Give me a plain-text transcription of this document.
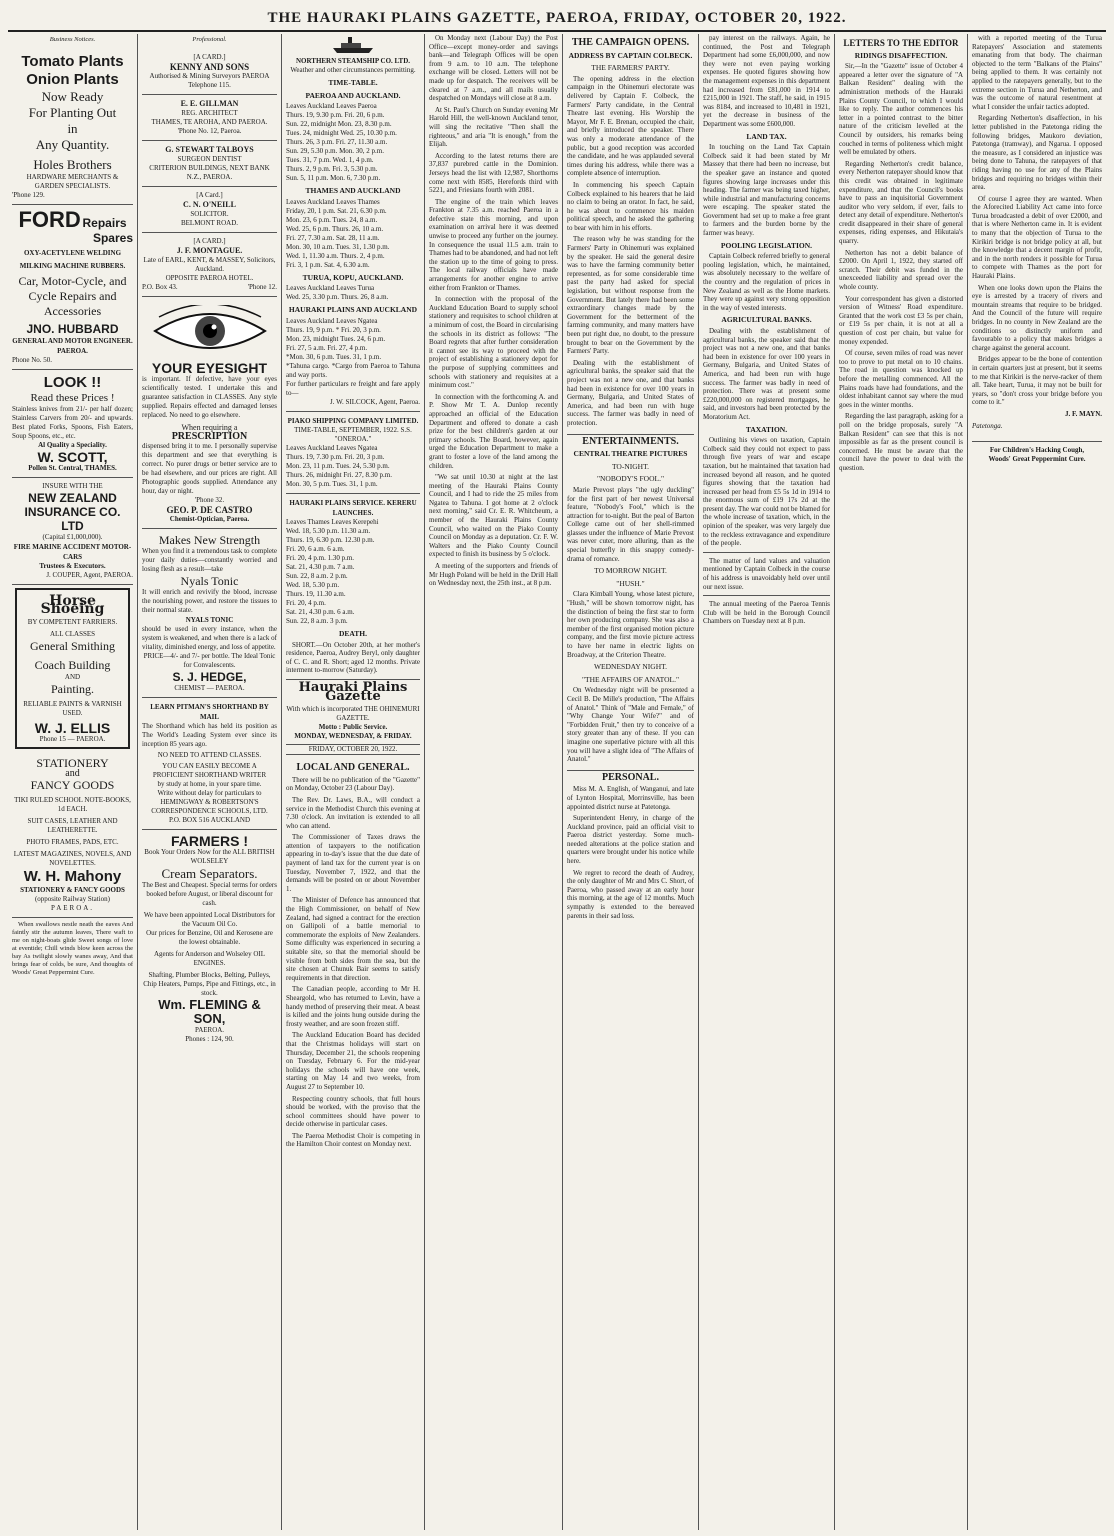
THE HAURAKI PLAINS GAZETTE, PAEROA, FRIDAY, OCTOBER 20, 1922.
Business Notices.
Tomato Plants
Onion Plants
Now Ready
For Planting Out
in
Any Quantity.
Holes Brothers
HARDWARE MERCHANTS & GARDEN SPECIALISTS.
'Phone 129.
FORD Repairs
Spares
OXY-ACETYLENE WELDING
MILKING MACHINE RUBBERS.
Car, Motor-Cycle, and Cycle Repairs and Accessories
JNO. HUBBARD
GENERAL AND MOTOR ENGINEER. PAEROA.
Phone No. 50.
LOOK !!
Read these Prices !
Stainless knives from 21/- per half dozen; Stainless Carvers from 20/- and upwards. Best plated Forks, Spoons, Fish Eaters, Soup Spoons, etc., etc.
Al Quality a Speciality.
W. SCOTT,
Pollen St. Central, THAMES.
INSURE WITH THE
NEW ZEALAND INSURANCE CO. LTD
(Capital £1,000,000).
FIRE MARINE ACCIDENT MOTOR-CARS
Trustees & Executors.
J. COUPER, Agent, PAEROA.
Horse Shoeing
BY COMPETENT FARRIERS.
ALL CLASSES
General Smithing
Coach Building
AND
Painting.
RELIABLE PAINTS & VARNISH USED.
W. J. ELLIS
Phone 15 — PAEROA.
STATIONERY
and
FANCY GOODS
TIKI RULED SCHOOL NOTE-BOOKS, 1d EACH.
SUIT CASES, LEATHER AND LEATHERETTE.
PHOTO FRAMES, PADS, ETC.
LATEST MAGAZINES, NOVELS, AND NOVELETTES.
W. H. Mahony
STATIONERY & FANCY GOODS
(opposite Railway Station)
PAEROA.

When swallows nestle neath the eaves And faintly stir the autumn leaves, There waft to me on night-boats glide Sweet songs of love at eventide; Chill winds blow keen across the bay As twilight slowly wanes away, And that brings fear of colds, be sure, And thoughts of Woods' Great Peppermint Cure.

Professional.
[A CARD.]
KENNY AND SONS
Authorised & Mining Surveyors PAEROA
Telephone 115.
E. E. GILLMAN
REG. ARCHITECT
THAMES, TE AROHA, AND PAEROA.
'Phone No. 12, Paeroa.
G. STEWART TALBOYS
SURGEON DENTIST
CRITERION BUILDINGS, NEXT BANK N.Z., PAEROA.
[A Card.]
C. N. O'NEILL
SOLICITOR.
BELMONT ROAD.
[A CARD.]
J. F. MONTAGUE.
Late of EARL, KENT, & MASSEY, Solicitors, Auckland.
OPPOSITE PAEROA HOTEL.
P.O. Box 43.	'Phone 12.
YOUR EYESIGHT
is important. If defective, have your eyes scientifically tested. I undertake this and guarantee satisfaction in CLASSES. Any style supplied. Repairs effected and damaged lenses replaced. No need to go elsewhere.
When requiring a
PRESCRIPTION
dispensed bring it to me. I personally supervise this department and see that everything is correct. No purer drugs or better service are to be had elsewhere, and our prices are right. All Photographic goods supplied. Attendance any hour, day or night.
'Phone 32.
GEO. P. DE CASTRO
Chemist-Optician, Paeroa.
Makes New Strength
When you find it a tremendous task to complete your daily duties—constantly worried and losing flesh as a result—take
Nyals Tonic
It will enrich and revivify the blood, increase the nourishing power, and restore the tissues to their normal state.
NYALS TONIC
should be used in every instance, when the system is weakened, and when there is a lack of vitality, diminished energy, and loss of appetite.
PRICE—4/- and 7/- per bottle. The Ideal Tonic for Convalescents.
S. J. HEDGE,
CHEMIST — PAEROA.
LEARN PITMAN'S SHORTHAND BY MAIL
The Shorthand which has held its position as The World's Leading System ever since its inception 85 years ago.
NO NEED TO ATTEND CLASSES.
YOU CAN EASILY BECOME A PROFICIENT SHORTHAND WRITER
by study at home, in your spare time.
Write without delay for particulars to
HEMINGWAY & ROBERTSON'S CORRESPONDENCE SCHOOLS, LTD.
P.O. BOX 516 AUCKLAND
FARMERS !
Book Your Orders Now for the ALL BRITISH WOLSELEY
Cream Separators.
The Best and Cheapest. Special terms for orders booked before August, or liberal discount for cash.
We have been appointed Local Distributors for the Vacuum Oil Co.
Our prices for Benzine, Oil and Kerosene are the lowest obtainable.
Agents for Anderson and Wolseley OIL ENGINES.
Shafting, Plumber Blocks, Belting, Pulleys, Chip Heaters, Pumps, Pipe and Fittings, etc., in stock.
Wm. FLEMING & SON,
PAEROA.
Phones : 124, 90.
NORTHERN STEAMSHIP CO. LTD.
Weather and other circumstances permitting.
TIME-TABLE.
PAEROA AND AUCKLAND.
Leaves Auckland Leaves Paeroa
Thurs. 19, 9.30 p.m. Fri. 20, 6 p.m.
Sun. 22, midnight Mon. 23, 8.30 p.m.
Tues. 24, midnight Wed. 25, 10.30 p.m.
Thurs. 26, 3 p.m. Fri. 27, 11.30 a.m.
Sun. 29, 5.30 p.m. Mon. 30, 2 p.m.
Tues. 31, 7 p.m. Wed. 1, 4 p.m.
Thurs. 2, 9 p.m. Fri. 3, 5.30 p.m.
Sun. 5, 11 p.m. Mon. 6, 7.30 p.m.
THAMES AND AUCKLAND
Leaves Auckland Leaves Thames
Friday, 20, 1 p.m. Sat. 21, 6.30 p.m.
Mon. 23, 6 p.m. Tues. 24, 8 a.m.
Wed. 25, 6 p.m. Thurs. 26, 10 a.m.
Fri. 27, 7.30 a.m. Sat. 28, 11 a.m.
Mon. 30, 10 a.m. Tues. 31, 1.30 p.m.
Wed. 1, 11.30 a.m. Thurs. 2, 4 p.m.
Fri. 3, 1 p.m. Sat. 4, 6.30 a.m.
TURUA, KOPU, AUCKLAND.
Leaves Auckland Leaves Turua
Wed. 25, 3.30 p.m. Thurs. 26, 8 a.m.
HAURAKI PLAINS AND AUCKLAND
Leaves Auckland Leaves Ngatea
Thurs. 19, 9 p.m. * Fri. 20, 3 p.m.
Mon. 23, midnight Tues. 24, 6 p.m.
Fri. 27, 5 a.m. Fri. 27, 4 p.m.
*Mon. 30, 6 p.m. Tues. 31, 1 p.m.
*Tahuna cargo. *Cargo from Paeroa to Tahuna and way ports.
For further particulars re freight and fare apply to—
J. W. SILCOCK, Agent, Paeroa.
PIAKO SHIPPING COMPANY LIMITED.
TIME-TABLE, SEPTEMBER, 1922. S.S. "ONEROA."
Leaves Auckland Leaves Ngatea
Thurs. 19, 7.30 p.m. Fri. 20, 3 p.m.
Mon. 23, 11 p.m. Tues. 24, 5.30 p.m.
Thurs. 26, midnight Fri. 27, 8.30 p.m.
Mon. 30, 5 p.m. Tues. 31, 1 p.m.
HAURAKI PLAINS SERVICE. KERERU LAUNCHES.
Leaves Thames Leaves Kerepehi
Wed. 18, 5.30 p.m. 11.30 a.m.
Thurs. 19, 6.30 p.m. 12.30 p.m.
Fri. 20, 6 a.m. 6 a.m.
Fri. 20, 4 p.m. 1.30 p.m.
Sat. 21, 4.30 p.m. 7 a.m.
Sun. 22, 8 a.m. 2 p.m.
Wed. 18, 5.30 p.m.
Thurs. 19, 11.30 a.m.
Fri. 20, 4 p.m.
Sat. 21, 4.30 p.m. 6 a.m.
Sun. 22, 8 a.m. 3 p.m.
DEATH.

SHORT.—On October 20th, at her mother's residence, Paeroa, Audrey Beryl, only daughter of C. C. and R. Short; aged 12 months. Private interment to-morrow (Saturday).

Hauraki Plains Gazette
With which is incorporated THE OHINEMURI GAZETTE.
Motto : Public Service.
MONDAY, WEDNESDAY, & FRIDAY.
FRIDAY, OCTOBER 20, 1922.
LOCAL AND GENERAL.

There will be no publication of the "Gazette" on Monday, October 23 (Labour Day).

The Rev. Dr. Laws, B.A., will conduct a service in the Methodist Church this evening at 7.30 o'clock. An invitation is extended to all who can attend.

The Commissioner of Taxes draws the attention of taxpayers to the notification appearing in to-day's issue that the due date of payment of land tax for the current year is on Tuesday, November 7, 1922, and that the demands will be posted on or about November 1.

The Minister of Defence has announced that the High Commissioner, on behalf of New Zealand, had signed a contract for the erection on Gallipoli of a battle memorial to commemorate the exploits of New Zealanders. Some difficulty was experienced in securing a suitable site, so that the memorial should be visible from both sides from the sea, but the site chosen at Chunuk Bair seems to satisfy requirements in that direction.

The Canadian people, according to Mr H. Sheargold, who has returned to Levin, have a handy method of preserving their meat. A beast is killed and the joints hung outside during the frosty weather, and are soon frozen stiff.

The Auckland Education Board has decided that the Christmas holidays will start on Thursday, December 21, the schools reopening on Tuesday, February 6. For the mid-year holidays the schools will have one week, starting on May 14 and two weeks, from August 27 to September 10.

Respecting country schools, that full hours should be worked, with the proviso that the school committees should have power to decide otherwise in particular cases.

The Paeroa Methodist Choir is competing in the Hamilton Choir contest on Monday next.

On Monday next (Labour Day) the Post Office—except money-order and savings bank—and Telegraph Offices will be open from 9 a.m. to 10 a.m. The telephone exchange will be closed. Letters will not be made up for despatch. The receivers will be cleared at 7 a.m., and all mails usually despatched on Mondays will close at 8 a.m.

At St. Paul's Church on Sunday evening Mr Harold Hill, the well-known Auckland tenor, will sing the recitative "Then shall the righteous," and aria "It is enough," from the Elijah.

According to the latest returns there are 37,837 purebred cattle in the Dominion. Jerseys head the list with 12,987, Shorthorns come next with 8585, Herefords third with 5221, and Friesians fourth with 2081.

The engine of the train which leaves Frankton at 7.35 a.m. reached Paeroa in a defective state this morning, and upon examination on arrival here it was deemed unwise to proceed any further on the journey. In consequence the usual 11.5 a.m. train to Thames had to be abandoned, and had not left the station up to the time of going to press. The local railway officials have made arrangements for another engine to arrive either from Frankton or Thames.

In connection with the proposal of the Auckland Education Board to supply school stationery and requisites to school children at a minimum of cost, the Board in circularising the schools in its district as follows: "The Board regrets that after further consideration it cannot see its way to proceed with the project of establishing a stationery depot for the purpose of supplying committees and schools with stationery and requisites at a minimum cost."

In connection with the forthcoming A. and P. Show Mr T. A. Dunlop recently approached an official of the Education Department and offered to donate a cash prize for the best children's garden at our primary schools. The Board, however, again urged the Education Department to make a grant to foster a love of the land among the children.

"We sat until 10.30 at night at the last meeting of the Hauraki Plains County Council, and I had to ride the 25 miles from Ngatea to Tahuna. I got home at 2 o'clock next morning," said Cr. E. R. Whitcheum, a member of the Hauraki Plains County Council, who waited on the Piako County Council on Monday as a deputation. Cr. F. W. Walters and the Piako County Council expected to finish its business by 5 o'clock.

A meeting of the supporters and friends of Mr Hugh Poland will be held in the Drill Hall on Wednesday next, the 25th inst., at 8 p.m.

THE CAMPAIGN OPENS.
ADDRESS BY CAPTAIN COLBECK.
THE FARMERS' PARTY.

The opening address in the election campaign in the Ohinemuri electorate was delivered by Captain F. Colbeck, the Farmers' Party candidate, in the Central Theatre last evening. His Worship the Mayor, Mr F. E. Brenan, occupied the chair, and briefly introduced the speaker. There was only a moderate attendance of the public, but a good reception was accorded the candidate, and he was applauded several times during his address, while there was a complete absence of interruption.

In commencing his speech Captain Colbeck explained to his hearers that he laid no claim to being an orator. In fact, he said, he was about to commence his maiden political speech, and he asked the gathering to bear with him in his efforts.

The reason why he was standing for the Farmers' Party in Ohinemuri was explained by the speaker. He said the general desire was to have the farming community better represented, as for some considerable time past the party had asked for special legislation, but without response from the Government. But lately there had been some extraordinary changes made by the Government for the betterment of the farming community, and many matters have been put right due, no doubt, to the pressure brought to bear on the Government by the Farmers' Party.

Dealing with the establishment of agricultural banks, the speaker said that the project was not a new one, and that banks had been in existence for over 100 years in Germany, Bulgaria, and United States of America, and had been run with huge success. The farmer was badly in need of protection.

ENTERTAINMENTS.
CENTRAL THEATRE PICTURES
TO-NIGHT.
"NOBODY'S FOOL."

Marie Prevost plays "the ugly duckling" for the first part of her newest Universal feature, "Nobody's Fool," which is the attraction for to-night. But the peal of Barton College came out of her shell-rimmed glasses under the influence of Marie Prevost was never cuter, more alluring, than as the special butterfly in this snappy comedy-drama of romance.

TO MORROW NIGHT.
"HUSH."

Clara Kimball Young, whose latest picture, "Hush," will be shown tomorrow night, has the distinction of being the first star to form her own producing company. She was also a member of the first organised motion picture company, and the first movie picture actress to have her name in electric lights on Broadway, at the Criterion Theatre.

WEDNESDAY NIGHT.
"THE AFFAIRS OF ANATOL."

On Wednesday night will be presented a Cecil B. De Mille's production, "The Affairs of Anatol." Think of "Male and Female," of "Why Change Your Wife?" and of "Forbidden Fruit," then try to conceive of a story greater than any of these. If you can imagine one superlative picture with all this you will have a slight idea of "The Affairs of Anatol."

PERSONAL.

Miss M. A. English, of Wanganui, and late of Lynton Hospital, Morrinsville, has been appointed district nurse at Patetonga.

Superintendent Henry, in charge of the Auckland province, paid an official visit to Paeroa district yesterday. Some much-needed alterations at the police station and quarters were brought under his notice while here.

We regret to record the death of Audrey, the only daughter of Mr and Mrs C. Short, of Paeroa, who passed away at an early hour this morning, at the age of 12 months. Much sympathy is extended to the bereaved parents in their sad loss.

pay interest on the railways. Again, he continued, the Post and Telegraph Department had some £6,000,000, and now they were not even paying working expenses. He quoted figures showing how the management expenses in this department had increased from £81,000 in 1914 to £215,000 in 1921. The staff, he said, in 1915 was 8184, and increased to 10,481 in 1921, yet the decrease in business of the Department was some £600,000.

LAND TAX.

In touching on the Land Tax Captain Colbeck said it had been stated by Mr Massey that there had been no increase, but the speaker gave an instance and quoted figures showing large increases under this heading. The farmer was being taxed higher, while industrial and manufacturing concerns were escaping. The speaker stated the Government had set up to make a free grant to farmers and the burden borne by the farmer was heavy.

POOLING LEGISLATION.

Captain Colbeck referred briefly to general pooling legislation, which, he maintained, was absolutely necessary to the welfare of the country and the regulation of prices in New Zealand as well as the Home markets. They were up against very strong opposition in the way of vested interests.

AGRICULTURAL BANKS.

Dealing with the establishment of agricultural banks, the speaker said that the project was not a new one, and that banks had been in existence for over 100 years in Germany, Bulgaria, and United States of America, and had been run with huge success. The farmer was badly in need of protection. There was at present some £220,000,000 on registered mortgages, he said, and investors had been protected by the Moratorium Act.

TAXATION.

Outlining his views on taxation, Captain Colbeck said they could not expect to pass through five years of war and escape taxation, but he maintained that taxation had increased beyond all reason, and he quoted figures showing that the taxation had increased per head from £5 5s 1d in 1914 to the enormous sum of £19 17s 2d at the present day. The war could not be blamed for the whole increase of taxation, which, in the opinion of the speaker, was very largely due to the reckless extravagance and expenditure of the people.

The matter of land values and valuation mentioned by Captain Colbeck in the course of his address is unavoidably held over until our next issue.

The annual meeting of the Paeroa Tennis Club will be held in the Borough Council Chambers on Tuesday next at 8 p.m.

LETTERS TO THE EDITOR
RIDINGS DISAFFECTION.

Sir,—In the "Gazette" issue of October 4 appeared a letter over the signature of "A Balkan Resident" dealing with the administration methods of the Hauraki Plains County Council, to which I would like to reply. The author commences his letter in a pointed contrast to the bitter nature of the criticism levelled at the Council by outsiders, his remarks being couched in terms of politeness which might well be emulated by others.

Regarding Netherton's credit balance, every Netherton ratepayer should know that this credit was obtained in legitimate expenditure, and that the Council's books have to pass an inquisitorial Government auditor who very seldom, if ever, fails to detect any detail of expenditure. Netherton's credit disappeared in their share of general expenses, riding expenses, and Hikutaia's quarry.

Netherton has not a debit balance of £2000. On April 1, 1922, they started off scratch. Their debit was funded in the unexceeded liability and spread over the whole county.

Your correspondent has given a distorted version of Witness' Road expenditure. Granted that the work cost £3 5s per chain, or £19 5s per chain, it is not at all a question of cost per chain, but value for money expended.

Of course, seven miles of road was never too to prove to put metal on to 10 chains. The road in question was knocked up before the metalling commenced. All the Plains roads have had foundations, and the oldest inhabitant cannot say where the mud goes in the winter months.

Regarding the last paragraph, asking for a poll on the bridge proposals, surely "A Balkan Resident" can see that this is not impossible as far as the present council is concerned. He must be aware that the council have the power to deal with the question.

with a reported meeting of the Turua Ratepayers' Association and statements emanating from that body. The chairman objected to the term "Balkans of the Plains" being applied to them. It was certainly not applied to the ratepayers generally, but to the extreme section in Turua and Netherton, and was the outcome of natural resentment at what I consider the unfair tactics adopted.

Regarding Netherton's disaffection, in his letter published in the Patetonga riding the following bridges, Maukoro deviation, Patetonga (tramway), and Ngarua. I opposed the measure, as I considered an injustice was being done to Tahuna, the ratepayers of that riding having no use for any of the Plains bridges and requiring no bridges within their area.

Of course I agree they are wanted. When the Aforecited Liability Act came into force Turua broadcasted a debit of over £2000, and that is where Netherton came in. It is evident to many that the objection of Turua to the Kirikiri bridge is not bridge policy at all, but the knowledge that a decent margin of profit, and in the north renders it possible for Turua to compete with Thames as the port for Hauraki Plains.

When one looks down upon the Plains the eye is arrested by a tracery of rivers and mountain streams that require to be bridged. And the Council of the future will require bridges. In no county in New Zealand are the conditions so distinctly uniform and favourable to a policy that makes bridges a charge against the general account.

Bridges appear to be the bone of contention in certain quarters just at present, but it seems to me that Kirikiri is the nerve-racker of them all. Take heart, Turua, it may not be built for years, so "don't cross your bridge before you come to it."

J. F. MAYN.
Patetonga.
For Children's Hacking Cough,
Woods' Great Peppermint Cure.
